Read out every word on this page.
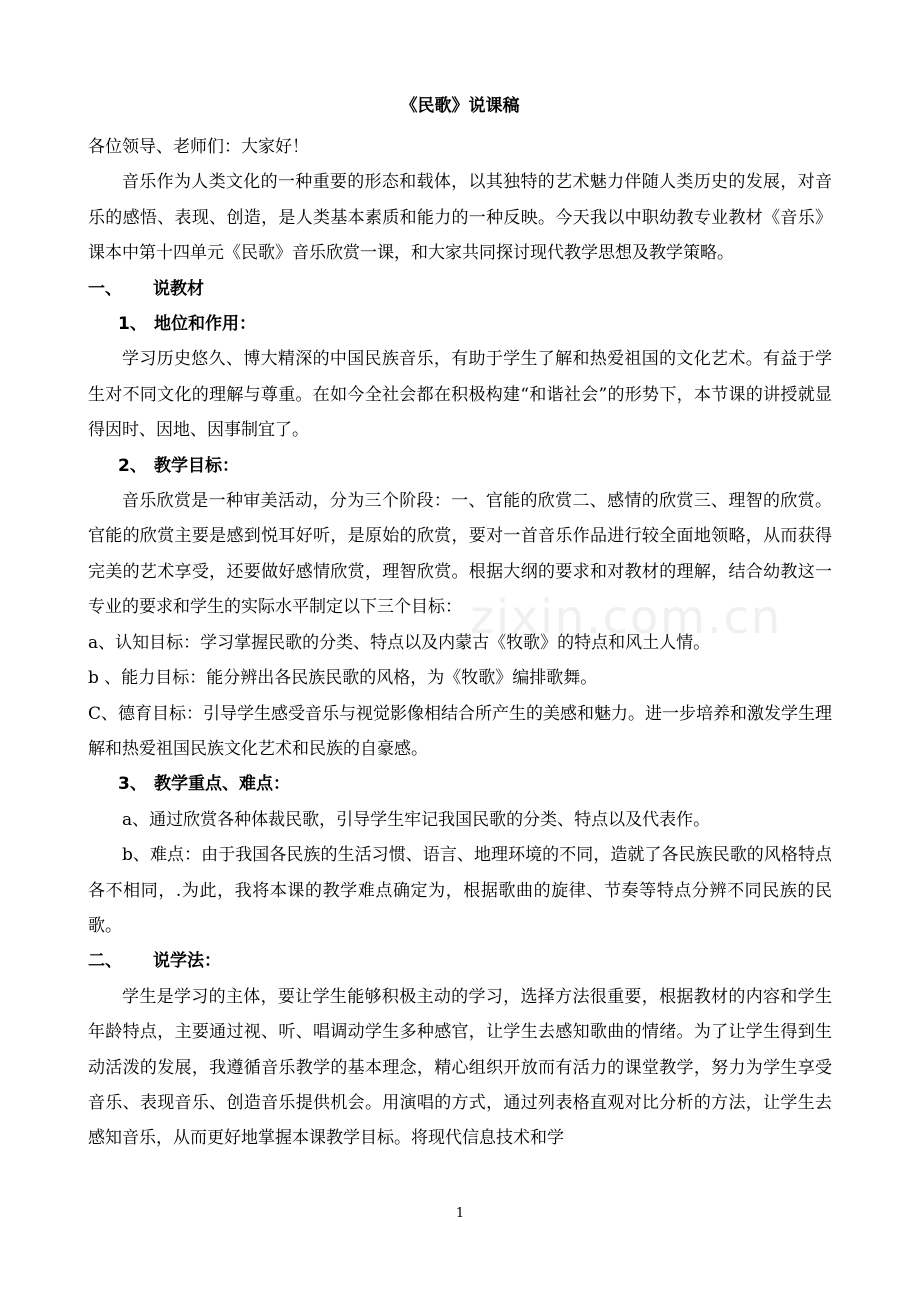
zixin.com.cn
《民歌》说课稿

各位领导、老师们：大家好！

音乐作为人类文化的一种重要的形态和载体，以其独特的艺术魅力伴随人类历史的发展，对音乐的感悟、表现、创造，是人类基本素质和能力的一种反映。今天我以中职幼教专业教材《音乐》课本中第十四单元《民歌》音乐欣赏一课，和大家共同探讨现代教学思想及教学策略。

一、	说教材
1、 地位和作用：

学习历史悠久、博大精深的中国民族音乐，有助于学生了解和热爱祖国的文化艺术。有益于学生对不同文化的理解与尊重。在如今全社会都在积极构建“和谐社会”的形势下，本节课的讲授就显得因时、因地、因事制宜了。

2、 教学目标：

音乐欣赏是一种审美活动，分为三个阶段：一、官能的欣赏二、感情的欣赏三、理智的欣赏。官能的欣赏主要是感到悦耳好听，是原始的欣赏，要对一首音乐作品进行较全面地领略，从而获得完美的艺术享受，还要做好感情欣赏，理智欣赏。根据大纲的要求和对教材的理解，结合幼教这一专业的要求和学生的实际水平制定以下三个目标：

a、认知目标：学习掌握民歌的分类、特点以及内蒙古《牧歌》的特点和风土人情。

b 、能力目标：能分辨出各民族民歌的风格，为《牧歌》编排歌舞。

C、德育目标：引导学生感受音乐与视觉影像相结合所产生的美感和魅力。进一步培养和激发学生理解和热爱祖国民族文化艺术和民族的自豪感。

3、 教学重点、难点：

a、通过欣赏各种体裁民歌，引导学生牢记我国民歌的分类、特点以及代表作。

b、难点：由于我国各民族的生活习惯、语言、地理环境的不同，造就了各民族民歌的风格特点各不相同，.为此，我将本课的教学难点确定为，根据歌曲的旋律、节奏等特点分辨不同民族的民歌。

二、	说学法：

学生是学习的主体，要让学生能够积极主动的学习，选择方法很重要，根据教材的内容和学生年龄特点，主要通过视、听、唱调动学生多种感官，让学生去感知歌曲的情绪。为了让学生得到生动活泼的发展，我遵循音乐教学的基本理念，精心组织开放而有活力的课堂教学，努力为学生享受音乐、表现音乐、创造音乐提供机会。用演唱的方式，通过列表格直观对比分析的方法，让学生去感知音乐，从而更好地掌握本课教学目标。将现代信息技术和学

1
